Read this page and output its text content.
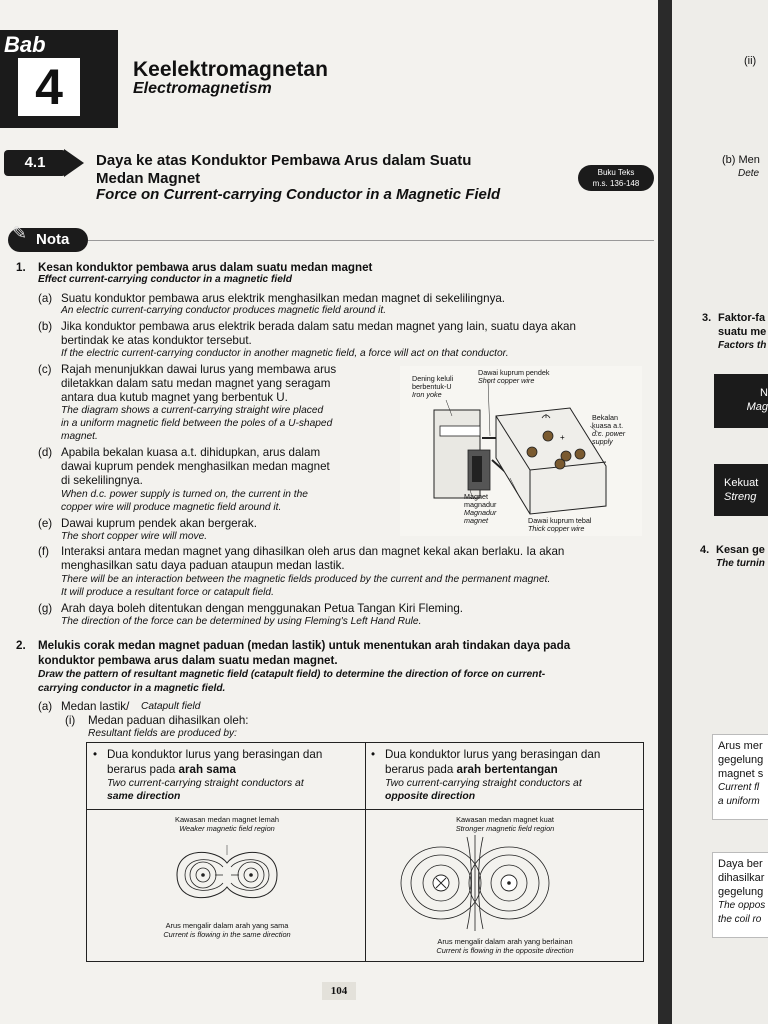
Bab
4	Keelektromagnetan
Electromagnetism
4.1	Daya ke atas Konduktor Pembawa Arus dalam Suatu
Medan Magnet
Force on Current-carrying Conductor in a Magnetic Field
Buku Teks
m.s. 136-148
Nota
✎
1. Kesan konduktor pembawa arus dalam suatu medan magnet
Effect current-carrying conductor in a magnetic field
(a) Suatu konduktor pembawa arus elektrik menghasilkan medan magnet di sekelilingnya.
An electric current-carrying conductor produces magnetic field around it.
(b) Jika konduktor pembawa arus elektrik berada dalam satu medan magnet yang lain, suatu daya akan
bertindak ke atas konduktor tersebut.
If the electric current-carrying conductor in another magnetic field, a force will act on that conductor.
(c) Rajah menunjukkan dawai lurus yang membawa arus
diletakkan dalam satu medan magnet yang seragam
antara dua kutub magnet yang berbentuk U.
The diagram shows a current-carrying straight wire placed
in a uniform magnetic field between the poles of a U-shaped
magnet.
(d) Apabila bekalan kuasa a.t. dihidupkan, arus dalam
dawai kuprum pendek menghasilkan medan magnet
di sekelilingnya.
When d.c. power supply is turned on, the current in the
copper wire will produce magnetic field around it.
(e) Dawai kuprum pendek akan bergerak.
The short copper wire will move.
(f) Interaksi antara medan magnet yang dihasilkan oleh arus dan magnet kekal akan berlaku. Ia akan
menghasilkan satu daya paduan ataupun medan lastik.
There will be an interaction between the magnetic fields produced by the current and the permanent magnet.
It will produce a resultant force or catapult field.
(g) Arah daya boleh ditentukan dengan menggunakan Petua Tangan Kiri Fleming.
The direction of the force can be determined by using Fleming's Left Hand Rule.
+
Dening keluli
berbentuk-U
Iron yoke
Dawai kuprum pendek
Short copper wire
Bekalan
kuasa a.t.
d.c. power
supply
Magnet
magnadur
Magnadur
magnet	Dawai kuprum tebal
Thick copper wire
2. Melukis corak medan magnet paduan (medan lastik) untuk menentukan arah tindakan daya pada
konduktor pembawa arus dalam suatu medan magnet.
Draw the pattern of resultant magnetic field (catapult field) to determine the direction of force on current-
carrying conductor in a magnetic field.
(a) Medan lastik/ Catapult field
(i) Medan paduan dihasilkan oleh:
Resultant fields are produced by:
• Dua konduktor lurus yang berasingan dan
berarus pada arah sama
Two current-carrying straight conductors at
same direction
• Dua konduktor lurus yang berasingan dan
berarus pada arah bertentangan
Two current-carrying straight conductors at
opposite direction
Kawasan medan magnet lemah
Weaker magnetic field region
Arus mengalir dalam arah yang sama
Current is flowing in the same direction
Kawasan medan magnet kuat
Stronger magnetic field region
Arus mengalir dalam arah yang berlainan
Current is flowing in the opposite direction
104
(ii)
(b) Men
Dete
3. Faktor-fa
suatu me
Factors th
N
Mag
Kekuat
Streng
4. Kesan ge
The turnin
Arus mer
gegelung
magnet s
Current fl
a uniform
Daya ber
dihasilkar
gegelung
The oppos
the coil ro
